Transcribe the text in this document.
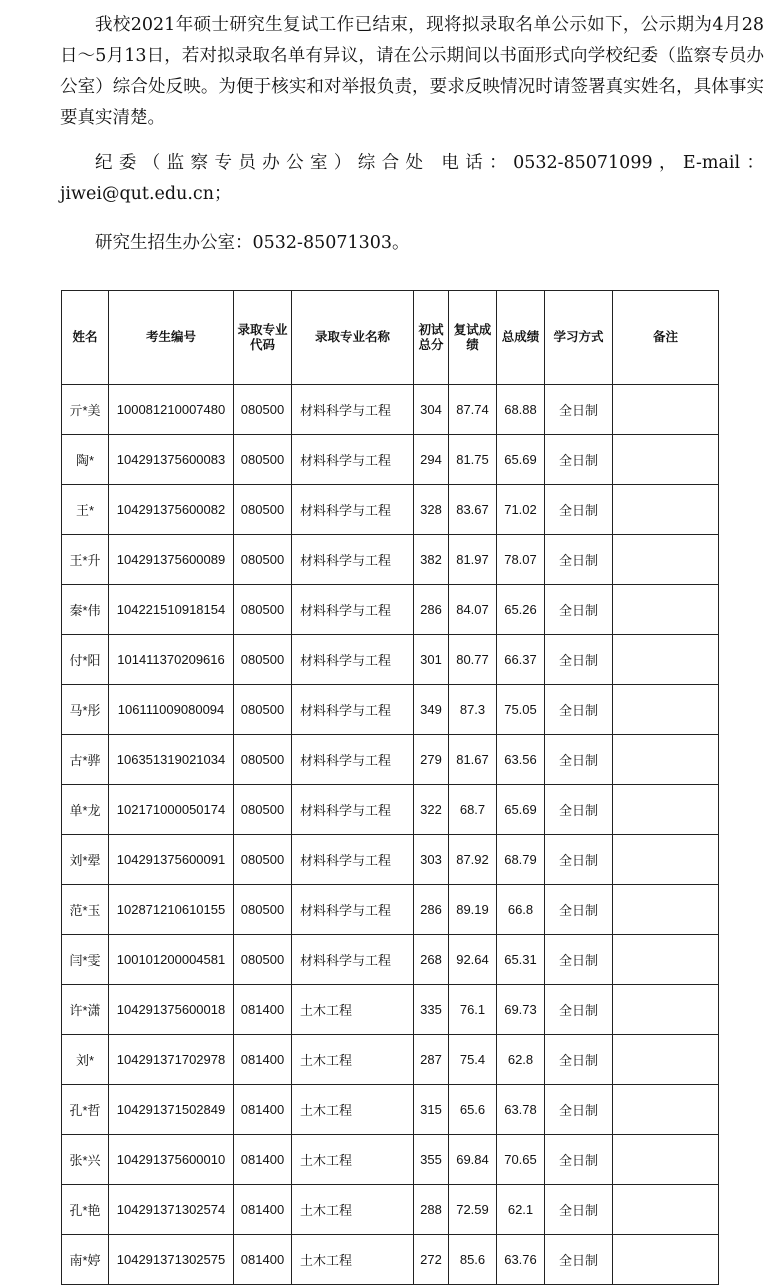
我校2021年硕士研究生复试工作已结束，现将拟录取名单公示如下，公示期为4月28日～5月13日，若对拟录取名单有异议，请在公示期间以书面形式向学校纪委（监察专员办公室）综合处反映。为便于核实和对举报负责，要求反映情况时请签署真实姓名，具体事实要真实清楚。

纪委（监察专员办公室）综合处 电话：0532-85071099，E-mail：jiwei@qut.edu.cn；

研究生招生办公室：0532-85071303。

姓名	考生编号	录取专业代码	录取专业名称	初试总分	复试成绩	总成绩	学习方式	备注
亓*美	100081210007480	080500	材料科学与工程	304	87.74	68.88	全日制	
陶*	104291375600083	080500	材料科学与工程	294	81.75	65.69	全日制	
王*	104291375600082	080500	材料科学与工程	328	83.67	71.02	全日制	
王*升	104291375600089	080500	材料科学与工程	382	81.97	78.07	全日制	
秦*伟	104221510918154	080500	材料科学与工程	286	84.07	65.26	全日制	
付*阳	101411370209616	080500	材料科学与工程	301	80.77	66.37	全日制	
马*彤	106111009080094	080500	材料科学与工程	349	87.3	75.05	全日制	
古*骅	106351319021034	080500	材料科学与工程	279	81.67	63.56	全日制	
单*龙	102171000050174	080500	材料科学与工程	322	68.7	65.69	全日制	
刘*翚	104291375600091	080500	材料科学与工程	303	87.92	68.79	全日制	
范*玉	102871210610155	080500	材料科学与工程	286	89.19	66.8	全日制	
闫*雯	100101200004581	080500	材料科学与工程	268	92.64	65.31	全日制	
许*潇	104291375600018	081400	土木工程	335	76.1	69.73	全日制	
刘*	104291371702978	081400	土木工程	287	75.4	62.8	全日制	
孔*哲	104291371502849	081400	土木工程	315	65.6	63.78	全日制	
张*兴	104291375600010	081400	土木工程	355	69.84	70.65	全日制	
孔*艳	104291371302574	081400	土木工程	288	72.59	62.1	全日制	
南*婷	104291371302575	081400	土木工程	272	85.6	63.76	全日制	
